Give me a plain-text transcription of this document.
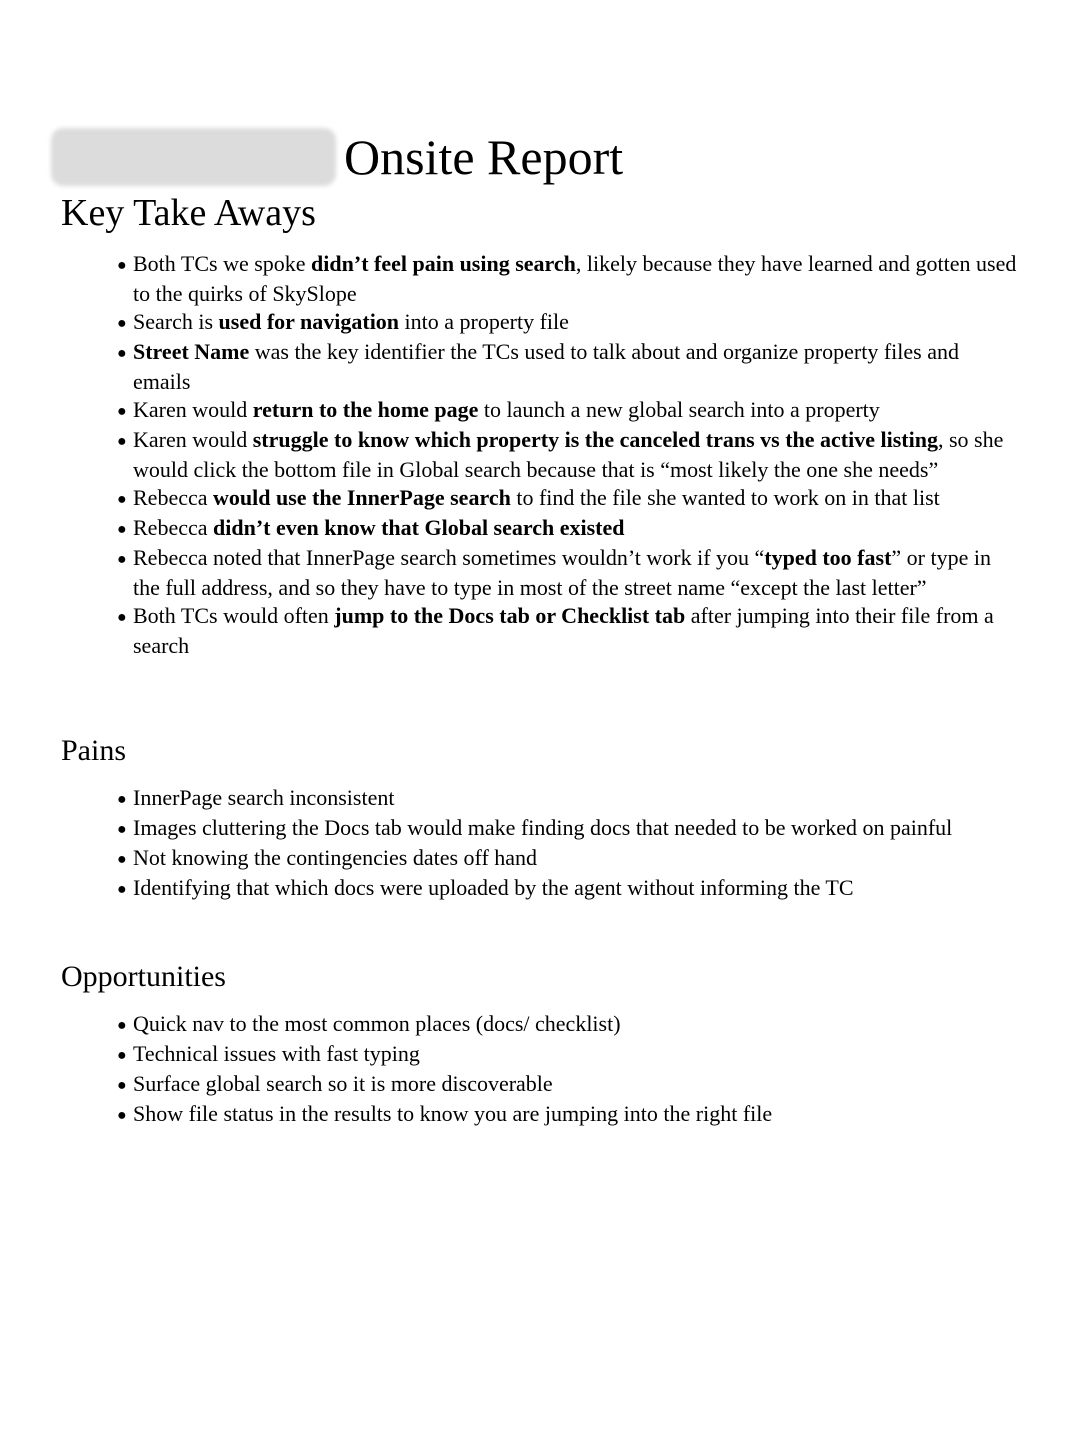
Onsite Report
Key Take Aways
● Both TCs we spoke didn’t feel pain using search, likely because they have learned and gotten used to the quirks of SkySlope
● Search is used for navigation into a property file
● Street Name was the key identifier the TCs used to talk about and organize property files and emails
● Karen would return to the home page to launch a new global search into a property
● Karen would struggle to know which property is the canceled trans vs the active listing, so she would click the bottom file in Global search because that is “most likely the one she needs”
● Rebecca would use the InnerPage search to find the file she wanted to work on in that list
● Rebecca didn’t even know that Global search existed
● Rebecca noted that InnerPage search sometimes wouldn’t work if you “typed too fast” or type in the full address, and so they have to type in most of the street name “except the last letter”
● Both TCs would often jump to the Docs tab or Checklist tab after jumping into their file from a search
Pains
● InnerPage search inconsistent
● Images cluttering the Docs tab would make finding docs that needed to be worked on painful
● Not knowing the contingencies dates off hand
● Identifying that which docs were uploaded by the agent without informing the TC
Opportunities
● Quick nav to the most common places (docs/ checklist)
● Technical issues with fast typing
● Surface global search so it is more discoverable
● Show file status in the results to know you are jumping into the right file
